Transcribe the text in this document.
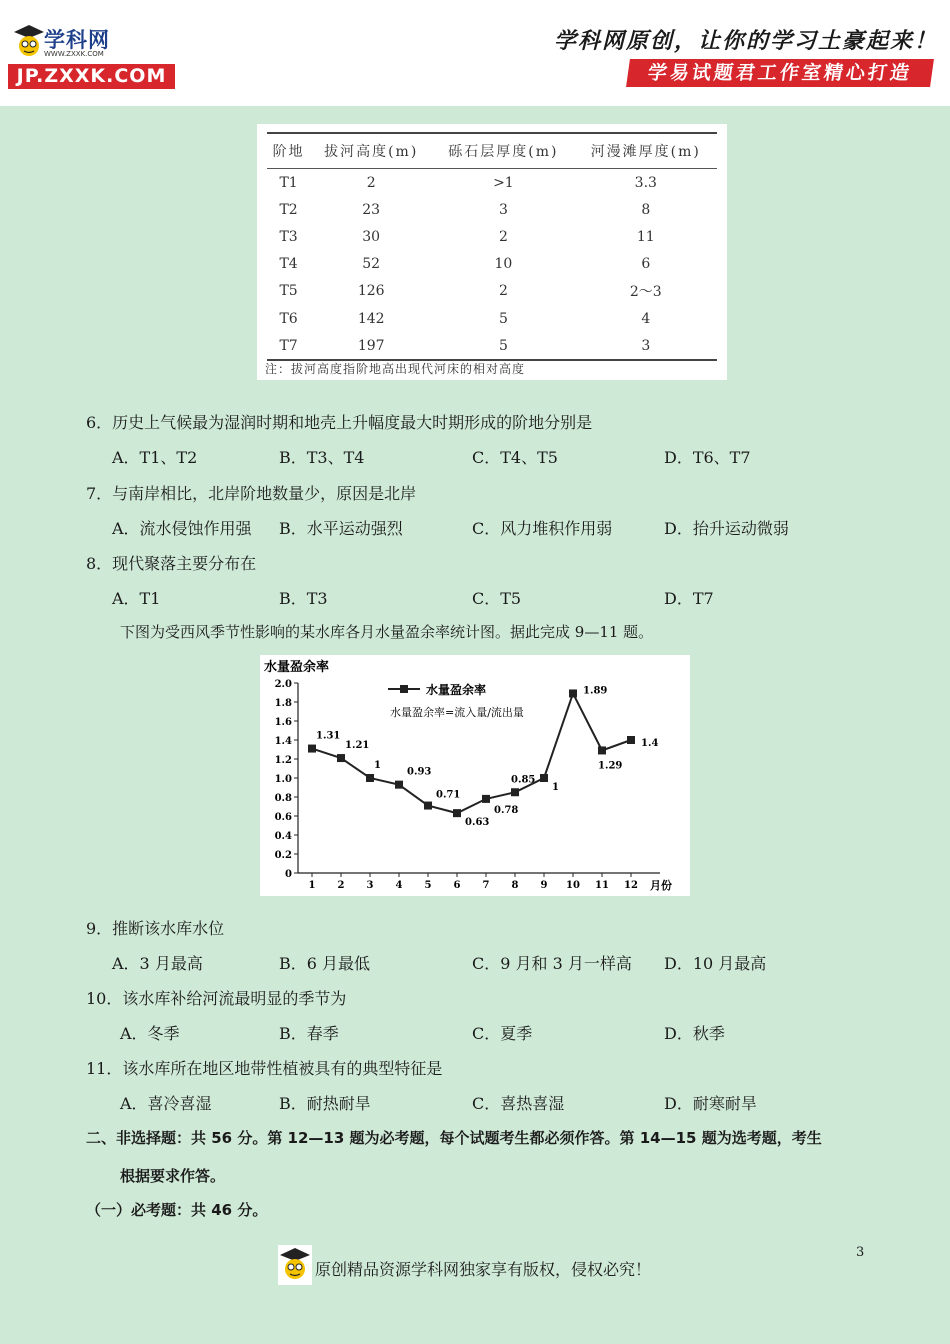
学科网
WWW.ZXXK.COM
JP.ZXXK.COM
学科网原创，让你的学习土豪起来！
学易试题君工作室精心打造
阶地	拔河高度(m)	砾石层厚度(m)	河漫滩厚度(m)
T1	2	>1	3.3
T2	23	3	8
T3	30	2	11
T4	52	10	6
T5	126	2	2～3
T6	142	5	4
T7	197	5	3
注：拔河高度指阶地高出现代河床的相对高度
6．历史上气候最为湿润时期和地壳上升幅度最大时期形成的阶地分别是
A．T1、T2	B．T3、T4	C．T4、T5	D．T6、T7
7．与南岸相比，北岸阶地数量少，原因是北岸
A．流水侵蚀作用强 B．水平运动强烈	C．风力堆积作用弱	D．抬升运动微弱
8．现代聚落主要分布在
A．T1	B．T3	C．T5	D．T7
下图为受西风季节性影响的某水库各月水量盈余率统计图。据此完成 9—11 题。
水量盈余率
水量盈余率
水量盈余率=流入量/流出量
月份
0
0.2
0.4
0.6
0.8
1.0
1.2
1.4
1.6
1.8
2.0
1 2 3 4 5 6 7 8 9 10 11 12
1.31
1.21
1
0.93
0.71
0.63
0.78
0.85
1
1.89
1.29
1.4
9．推断该水库水位
A．3 月最高	B．6 月最低	C．9 月和 3 月一样高 D．10 月最高
10．该水库补给河流最明显的季节为
A．冬季	B．春季	C．夏季	D．秋季
11．该水库所在地区地带性植被具有的典型特征是
A．喜冷喜湿	B．耐热耐旱	C．喜热喜湿	D．耐寒耐旱
二、非选择题：共 56 分。第 12—13 题为必考题，每个试题考生都必须作答。第 14—15 题为选考题，考生
根据要求作答。
（一）必考题：共 46 分。
原创精品资源学科网独家享有版权，侵权必究！
3
